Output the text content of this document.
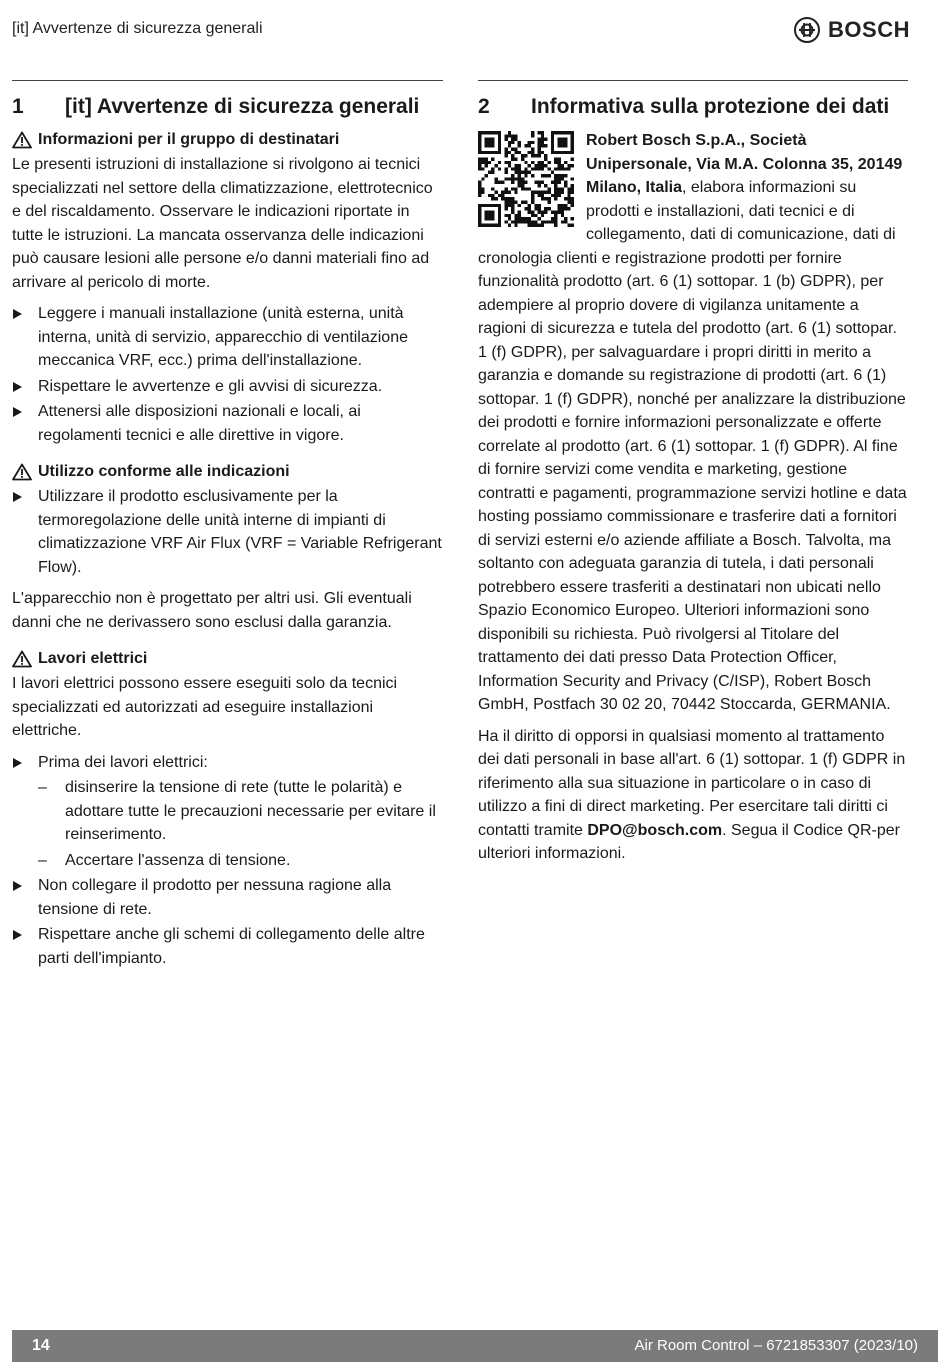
[it] Avvertenze di sicurezza generali	BOSCH
1	[it] Avvertenze di sicurezza generali
Informazioni per il gruppo di destinatari

Le presenti istruzioni di installazione si rivolgono ai tecnici specializzati nel settore della climatizzazione, elettrotecnico e del riscaldamento. Osservare le indicazioni riportate in tutte le istruzioni. La mancata osservanza delle indicazioni può causare lesioni alle persone e/o danni materiali fino ad arrivare al pericolo di morte.

Leggere i manuali installazione (unità esterna, unità interna, unità di servizio, apparecchio di ventilazione meccanica VRF, ecc.) prima dell'installazione.
Rispettare le avvertenze e gli avvisi di sicurezza.
Attenersi alle disposizioni nazionali e locali, ai regolamenti tecnici e alle direttive in vigore.
Utilizzo conforme alle indicazioni
Utilizzare il prodotto esclusivamente per la termoregolazione delle unità interne di impianti di climatizzazione VRF Air Flux (VRF = Variable Refrigerant Flow).

L'apparecchio non è progettato per altri usi. Gli eventuali danni che ne derivassero sono esclusi dalla garanzia.

Lavori elettrici

I lavori elettrici possono essere eseguiti solo da tecnici specializzati ed autorizzati ad eseguire installazioni elettriche.

Prima dei lavori elettrici:
– disinserire la tensione di rete (tutte le polarità) e adottare tutte le precauzioni necessarie per evitare il reinserimento.
– Accertare l'assenza di tensione.
Non collegare il prodotto per nessuna ragione alla tensione di rete.
Rispettare anche gli schemi di collegamento delle altre parti dell'impianto.
2	Informativa sulla protezione dei dati

Robert Bosch S.p.A., Società Unipersonale, Via M.A. Colonna 35, 20149 Milano, Italia, elabora informazioni su prodotti e installazioni, dati tecnici e di collegamento, dati di comunicazione, dati di cronologia clienti e registrazione prodotti per fornire funzionalità prodotto (art. 6 (1) sottopar. 1 (b) GDPR), per adempiere al proprio dovere di vigilanza unitamente a ragioni di sicurezza e tutela del prodotto (art. 6 (1) sottopar. 1 (f) GDPR), per salvaguardare i propri diritti in merito a garanzia e domande su registrazione di prodotti (art. 6 (1) sottopar. 1 (f) GDPR), nonché per analizzare la distribuzione dei prodotti e fornire informazioni personalizzate e offerte correlate al prodotto (art. 6 (1) sottopar. 1 (f) GDPR). Al fine di fornire servizi come vendita e marketing, gestione contratti e pagamenti, programmazione servizi hotline e data hosting possiamo commissionare e trasferire dati a fornitori di servizi esterni e/o aziende affiliate a Bosch. Talvolta, ma soltanto con adeguata garanzia di tutela, i dati personali potrebbero essere trasferiti a destinatari non ubicati nello Spazio Economico Europeo. Ulteriori informazioni sono disponibili su richiesta. Può rivolgersi al Titolare del trattamento dei dati presso Data Protection Officer, Information Security and Privacy (C/ISP), Robert Bosch GmbH, Postfach 30 02 20, 70442 Stoccarda, GERMANIA.

Ha il diritto di opporsi in qualsiasi momento al trattamento dei dati personali in base all'art. 6 (1) sottopar. 1 (f) GDPR in riferimento alla sua situazione in particolare o in caso di utilizzo a fini di direct marketing. Per esercitare tali diritti ci contatti tramite DPO@bosch.com. Segua il Codice QR-per ulteriori informazioni.

14	Air Room Control – 6721853307 (2023/10)
